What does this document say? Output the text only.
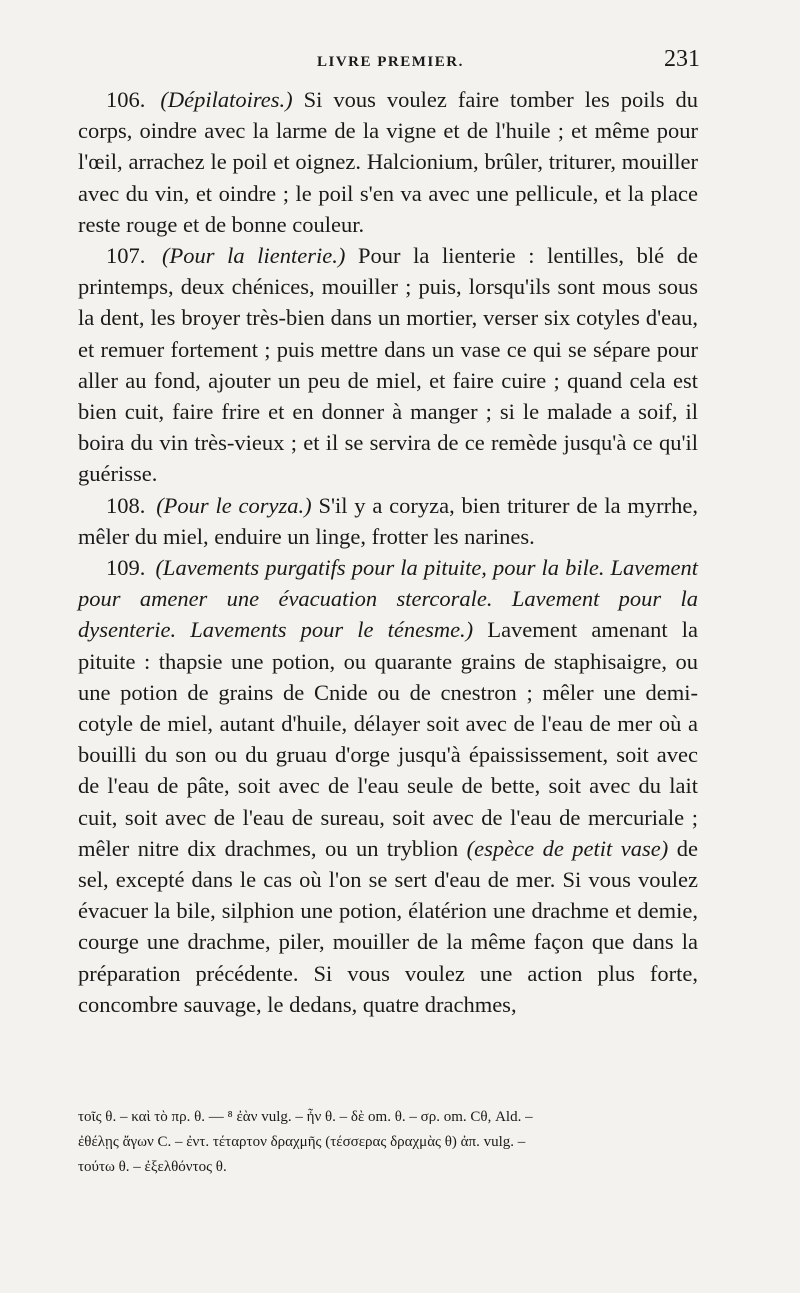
LIVRE PREMIER.	231

106. (Dépilatoires.) Si vous voulez faire tomber les poils du corps, oindre avec la larme de la vigne et de l'huile ; et même pour l'œil, arrachez le poil et oignez. Halcionium, brûler, triturer, mouiller avec du vin, et oindre ; le poil s'en va avec une pellicule, et la place reste rouge et de bonne couleur.

107. (Pour la lienterie.) Pour la lienterie : lentilles, blé de printemps, deux chénices, mouiller ; puis, lorsqu'ils sont mous sous la dent, les broyer très-bien dans un mortier, verser six cotyles d'eau, et remuer fortement ; puis mettre dans un vase ce qui se sépare pour aller au fond, ajouter un peu de miel, et faire cuire ; quand cela est bien cuit, faire frire et en donner à manger ; si le malade a soif, il boira du vin très-vieux ; et il se servira de ce remède jusqu'à ce qu'il guérisse.

108. (Pour le coryza.) S'il y a coryza, bien triturer de la myrrhe, mêler du miel, enduire un linge, frotter les narines.

109. (Lavements purgatifs pour la pituite, pour la bile. Lavement pour amener une évacuation stercorale. Lavement pour la dysenterie. Lavements pour le ténesme.) Lavement amenant la pituite : thapsie une potion, ou quarante grains de staphisaigre, ou une potion de grains de Cnide ou de cnestron ; mêler une demi-cotyle de miel, autant d'huile, délayer soit avec de l'eau de mer où a bouilli du son ou du gruau d'orge jusqu'à épaississement, soit avec de l'eau de pâte, soit avec de l'eau seule de bette, soit avec du lait cuit, soit avec de l'eau de sureau, soit avec de l'eau de mercuriale ; mêler nitre dix drachmes, ou un tryblion (espèce de petit vase) de sel, excepté dans le cas où l'on se sert d'eau de mer. Si vous voulez évacuer la bile, silphion une potion, élatérion une drachme et demie, courge une drachme, piler, mouiller de la même façon que dans la préparation précédente. Si vous voulez une action plus forte, concombre sauvage, le dedans, quatre drachmes,

τοῖς θ. – καὶ τὸ πρ. θ. — ⁸ ἐὰν vulg. – ἦν θ. – δὲ om. θ. – σρ. om. Cθ, Ald. –

ἐθέλῃς ἄγων C. – ἐντ. τέταρτον δραχμῆς (τέσσερας δραχμὰς θ) ἀπ. vulg. –

τούτω θ. – ἐξελθόντος θ.
